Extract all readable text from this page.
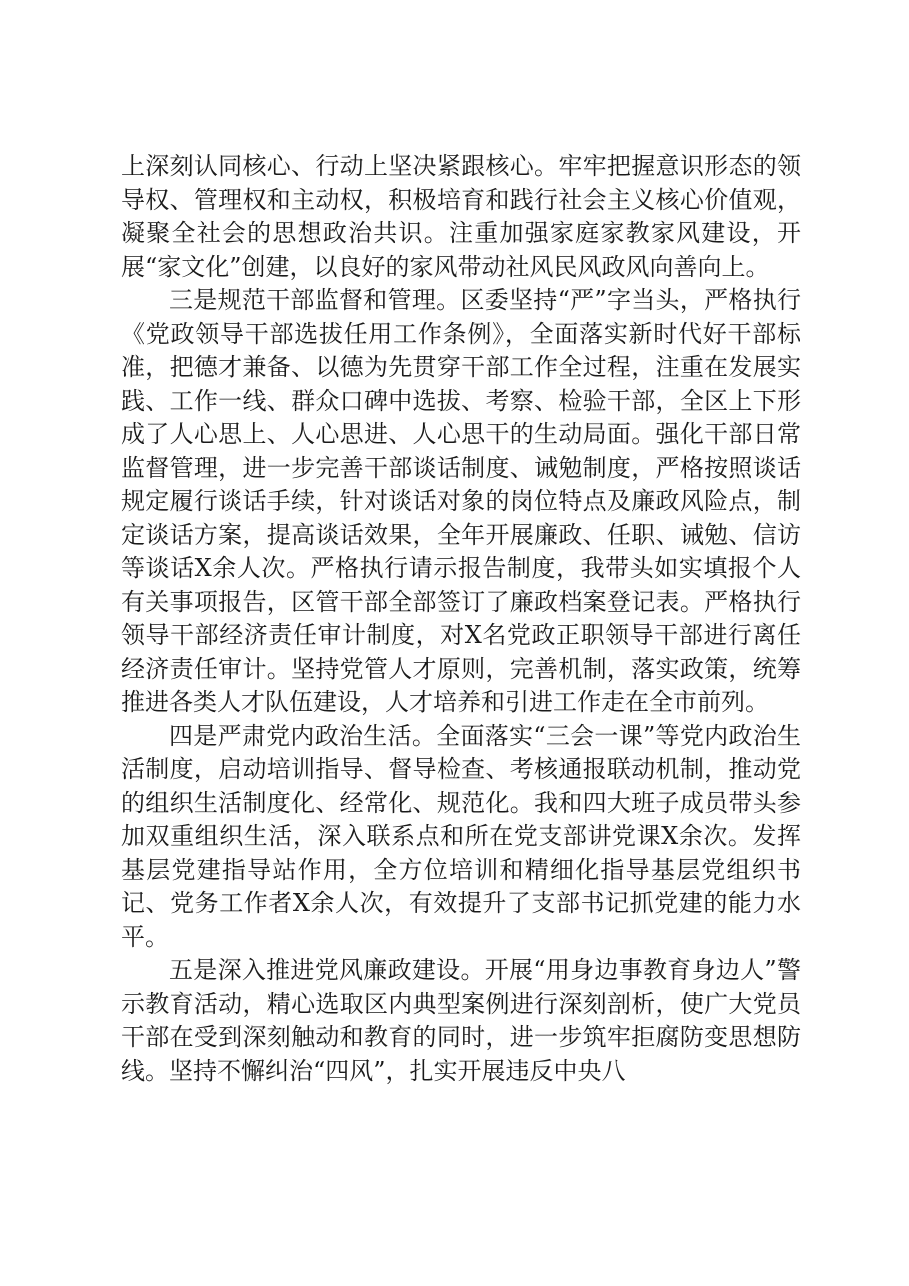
上深刻认同核心、行动上坚决紧跟核心。牢牢把握意识形态的领导权、管理权和主动权，积极培育和践行社会主义核心价值观，凝聚全社会的思想政治共识。注重加强家庭家教家风建设，开展“家文化”创建，以良好的家风带动社风民风政风向善向上。

三是规范干部监督和管理。区委坚持“严”字当头，严格执行《党政领导干部选拔任用工作条例》，全面落实新时代好干部标准，把德才兼备、以德为先贯穿干部工作全过程，注重在发展实践、工作一线、群众口碑中选拔、考察、检验干部，全区上下形成了人心思上、人心思进、人心思干的生动局面。强化干部日常监督管理，进一步完善干部谈话制度、诫勉制度，严格按照谈话规定履行谈话手续，针对谈话对象的岗位特点及廉政风险点，制定谈话方案，提高谈话效果，全年开展廉政、任职、诫勉、信访等谈话X余人次。严格执行请示报告制度，我带头如实填报个人有关事项报告，区管干部全部签订了廉政档案登记表。严格执行领导干部经济责任审计制度，对X名党政正职领导干部进行离任经济责任审计。坚持党管人才原则，完善机制，落实政策，统筹推进各类人才队伍建设，人才培养和引进工作走在全市前列。

四是严肃党内政治生活。全面落实“三会一课”等党内政治生活制度，启动培训指导、督导检查、考核通报联动机制，推动党的组织生活制度化、经常化、规范化。我和四大班子成员带头参加双重组织生活，深入联系点和所在党支部讲党课X余次。发挥基层党建指导站作用，全方位培训和精细化指导基层党组织书记、党务工作者X余人次，有效提升了支部书记抓党建的能力水平。

五是深入推进党风廉政建设。开展“用身边事教育身边人”警示教育活动，精心选取区内典型案例进行深刻剖析，使广大党员干部在受到深刻触动和教育的同时，进一步筑牢拒腐防变思想防线。坚持不懈纠治“四风”，扎实开展违反中央八
